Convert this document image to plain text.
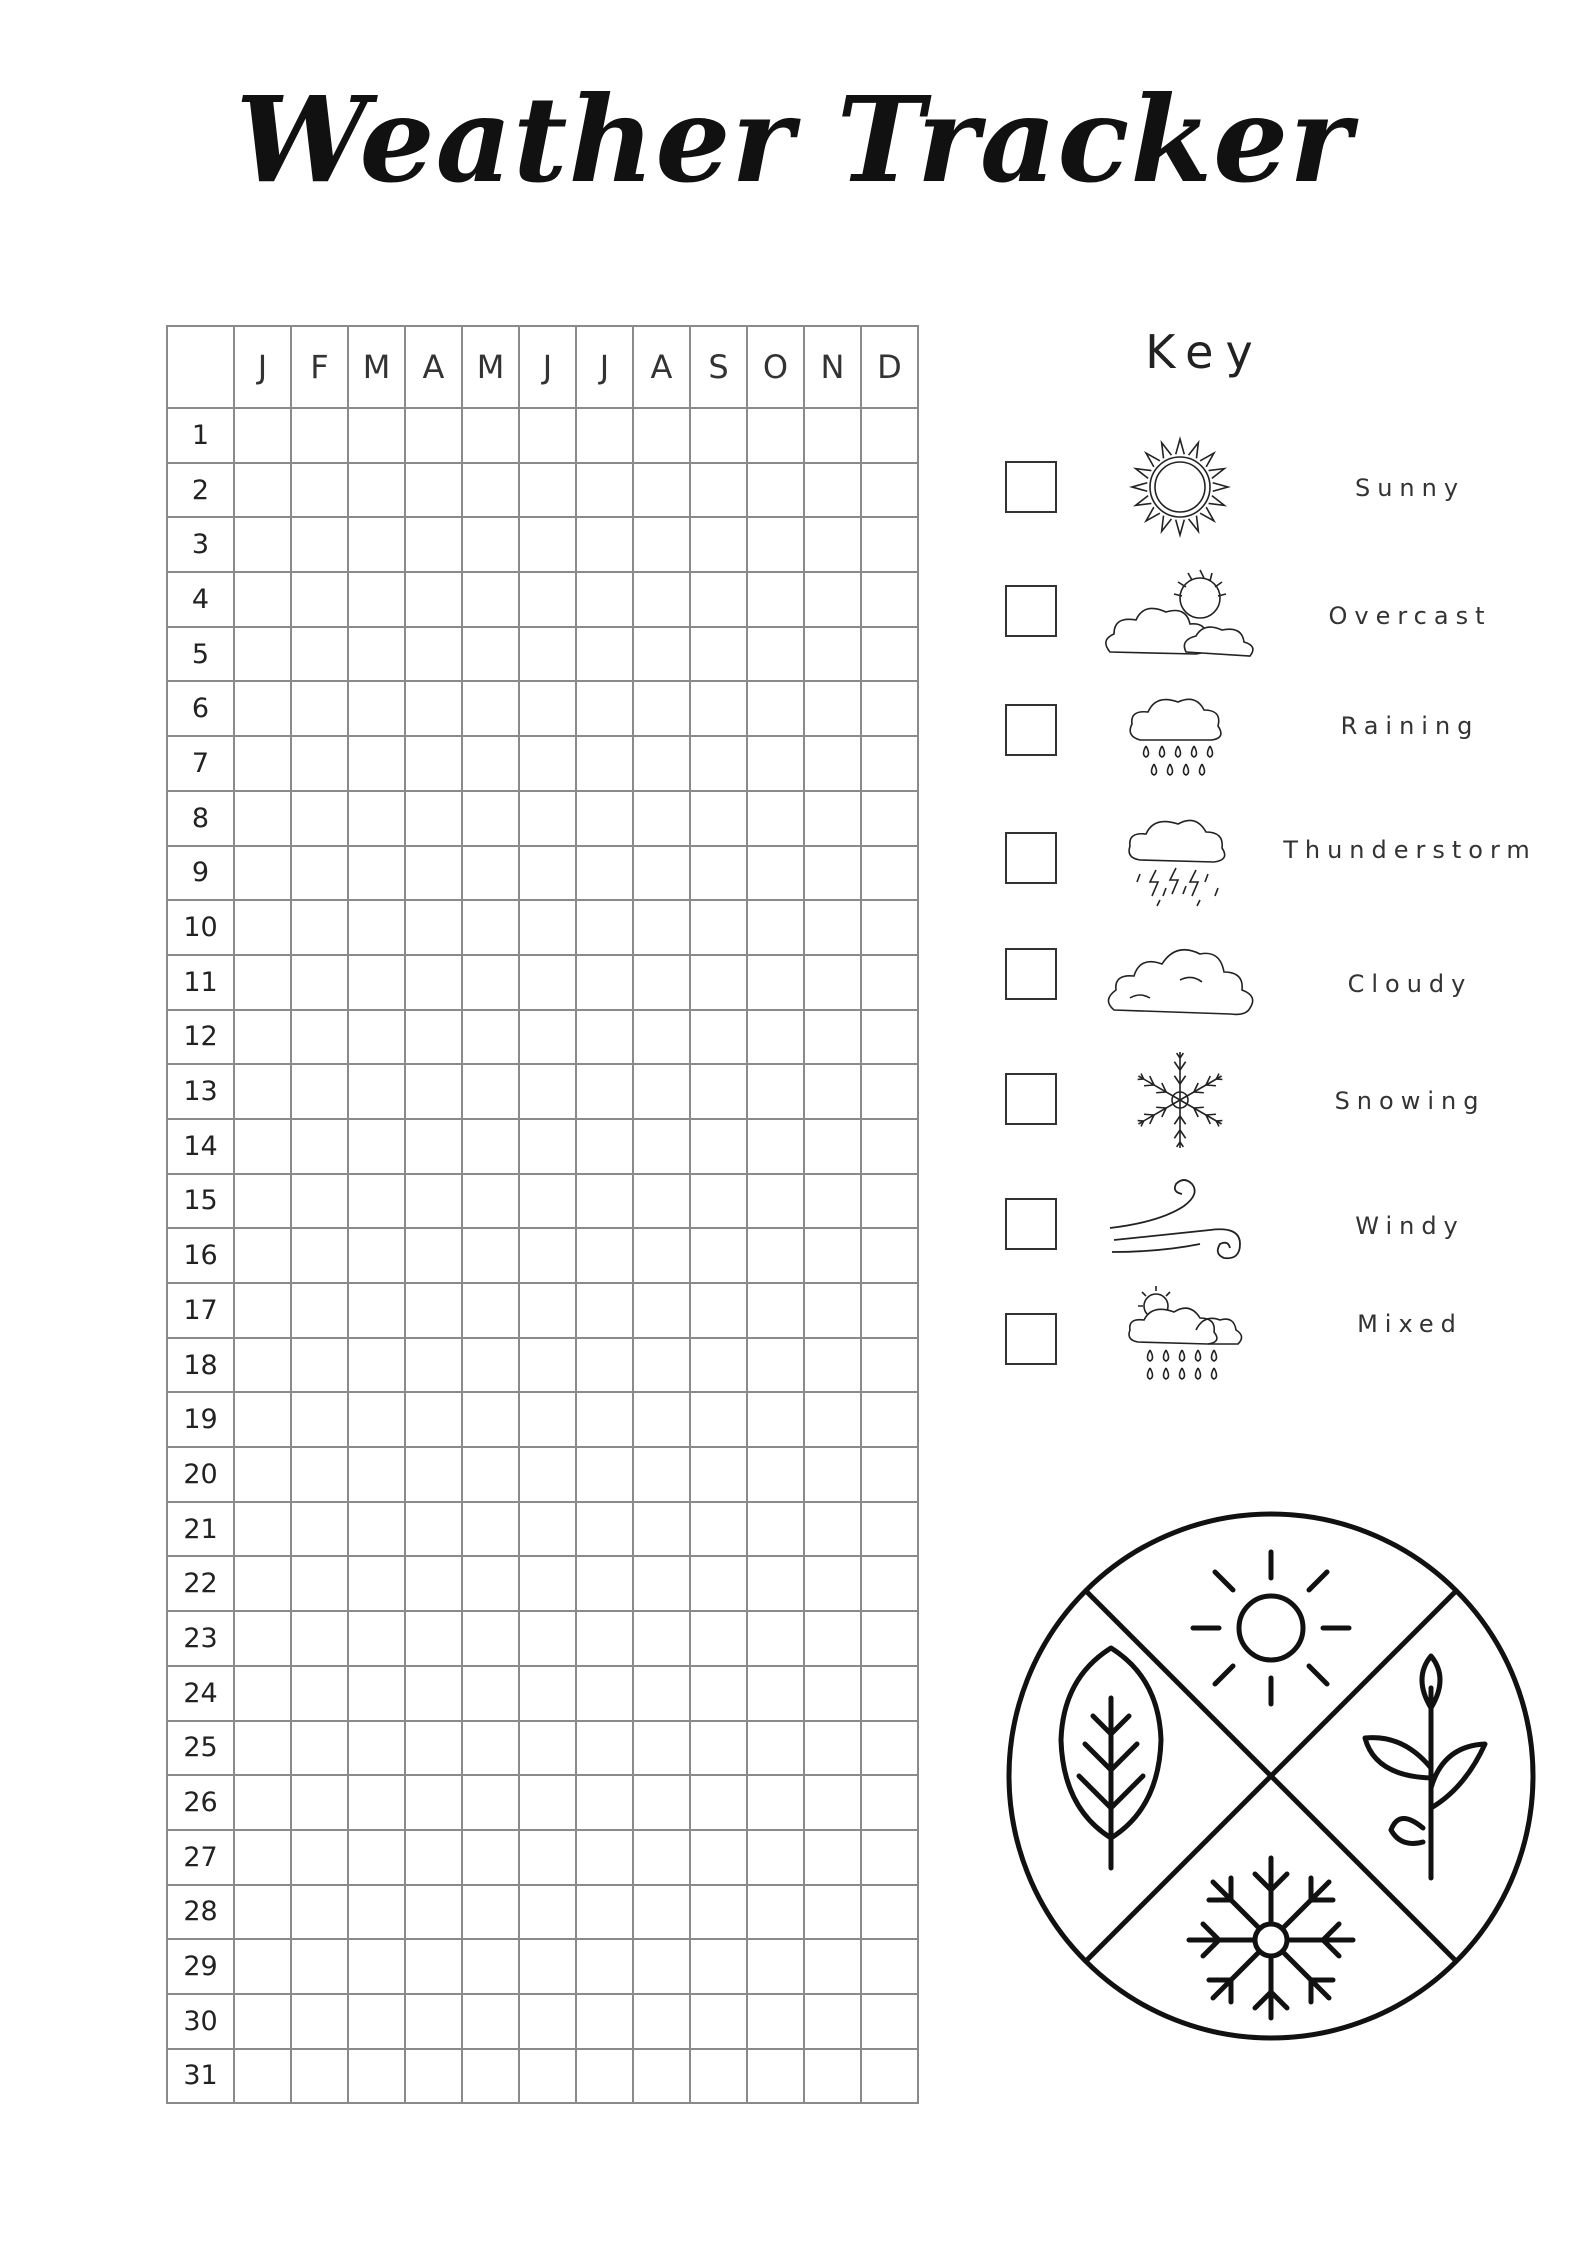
Weather Tracker
	J	F	M	A	M	J	J	A	S	O	N	D
1												
2												
3												
4												
5												
6												
7												
8												
9												
10												
11												
12												
13												
14												
15												
16												
17												
18												
19												
20												
21												
22												
23												
24												
25												
26												
27												
28												
29												
30												
31												
Key
Sunny
Overcast
Raining
Thunderstorm
Cloudy
Snowing
Windy
Mixed
